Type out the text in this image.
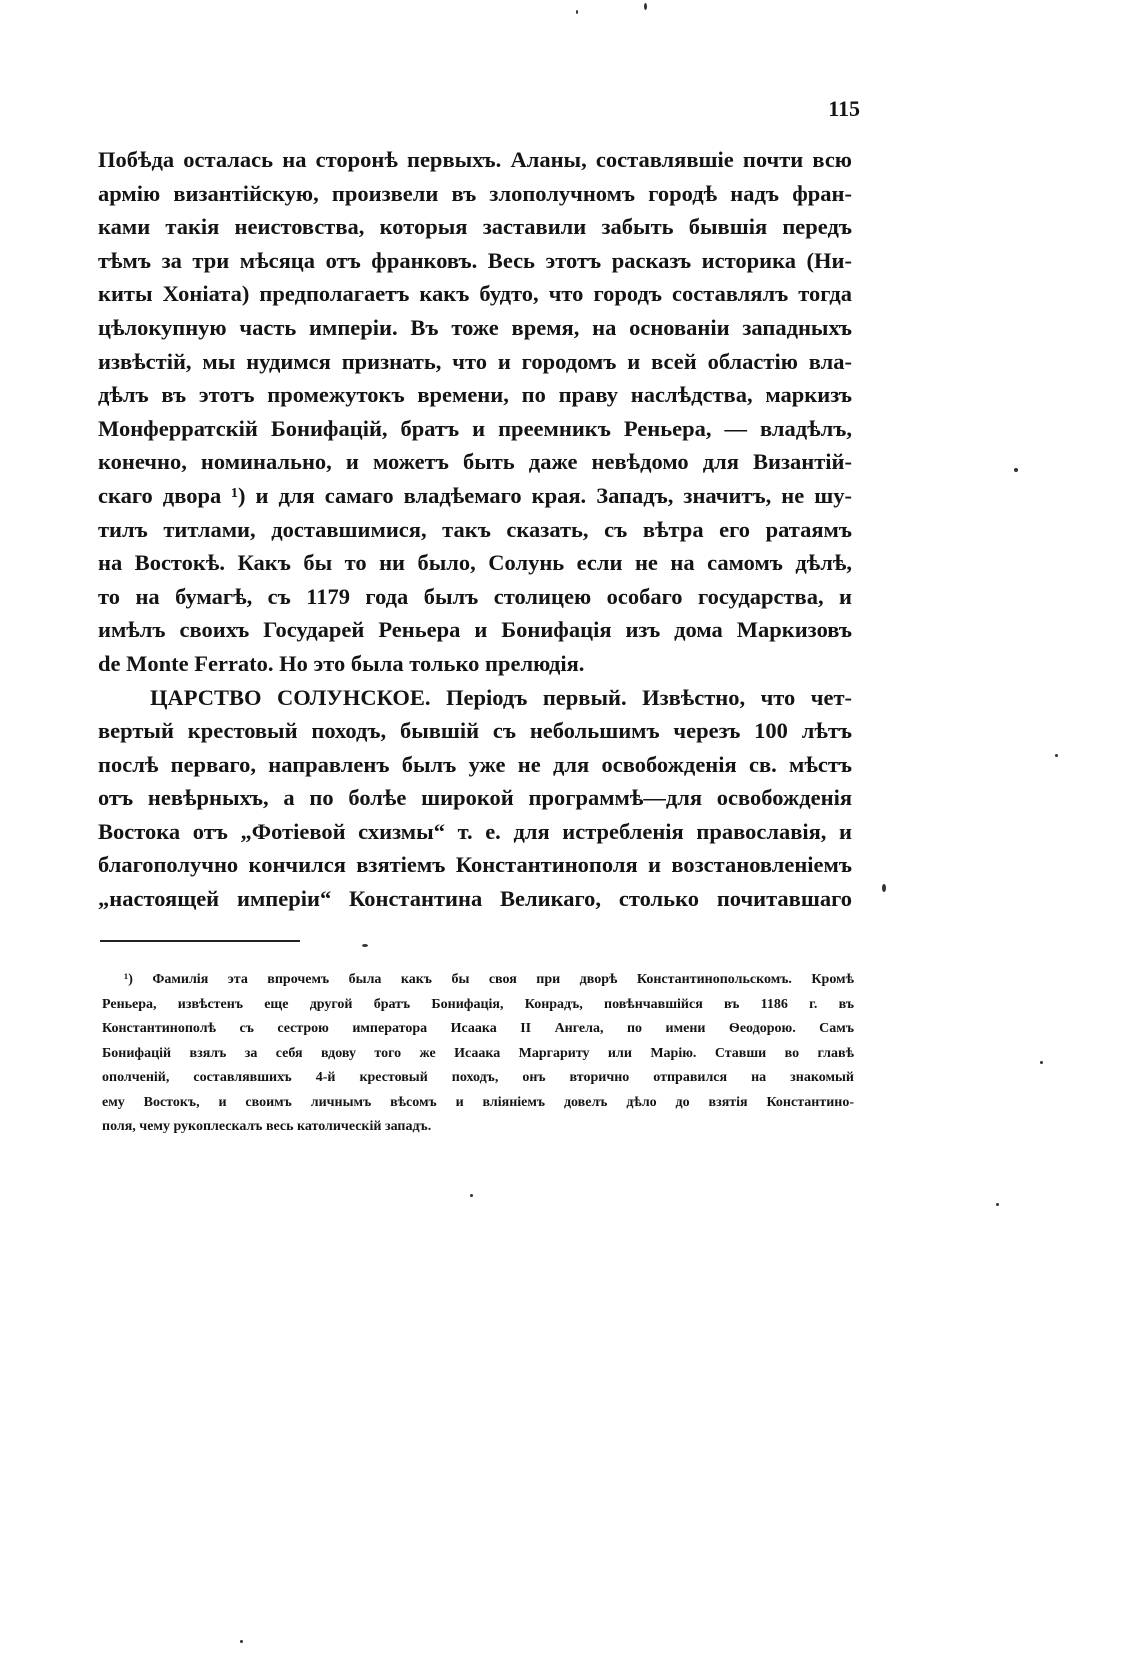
115
Побѣда осталась на сторонѣ первыхъ. Аланы, составлявшіе почти всю
армію византійскую, произвели въ злополучномъ городѣ надъ фран-
ками такія неистовства, которыя заставили забыть бывшія передъ
тѣмъ за три мѣсяца отъ франковъ. Весь этотъ расказъ историка (Ни-
киты Хоніата) предполагаетъ какъ будто, что городъ составлялъ тогда
цѣлокупную часть имперіи. Въ тоже время, на основаніи западныхъ
извѣстій, мы нудимся признать, что и городомъ и всей областію вла-
дѣлъ въ этотъ промежутокъ времени, по праву наслѣдства, маркизъ
Монферратскій Бонифацій, братъ и преемникъ Реньера, — владѣлъ,
конечно, номинально, и можетъ быть даже невѣдомо для Византій-
скаго двора ¹) и для самаго владѣемаго края. Западъ, значитъ, не шу-
тилъ титлами, доставшимися, такъ сказать, съ вѣтра его ратаямъ
на Востокѣ. Какъ бы то ни было, Солунь если не на самомъ дѣлѣ,
то на бумагѣ, съ 1179 года былъ столицею особаго государства, и
имѣлъ своихъ Государей Реньера и Бонифація изъ дома Маркизовъ
de Monte Ferrato. Но это была только прелюдія.
ЦАРСТВО СОЛУНСКОЕ. Періодъ первый. Извѣстно, что чет-
вертый крестовый походъ, бывшій съ небольшимъ черезъ 100 лѣтъ
послѣ перваго, направленъ былъ уже не для освобожденія св. мѣстъ
отъ невѣрныхъ, а по болѣе широкой программѣ—для освобожденія
Востока отъ „Фотіевой схизмы“ т. е. для истребленія православія, и
благополучно кончился взятіемъ Константинополя и возстановленіемъ
„настоящей имперіи“ Константина Великаго, столько почитавшаго
¹) Фамилія эта впрочемъ была какъ бы своя при дворѣ Константинопольскомъ. Кромѣ
Реньера, извѣстенъ еще другой братъ Бонифація, Конрадъ, повѣнчавшійся въ 1186 г. въ
Константинополѣ съ сестрою императора Исаака II Ангела, по имени Ѳеодорою. Самъ
Бонифацій взялъ за себя вдову того же Исаака Маргариту или Марію. Ставши во главѣ
ополченій, составлявшихъ 4-й крестовый походъ, онъ вторично отправился на знакомый
ему Востокъ, и своимъ личнымъ вѣсомъ и вліяніемъ довелъ дѣло до взятія Константино-
поля, чему рукоплескалъ весь католическій западъ.
